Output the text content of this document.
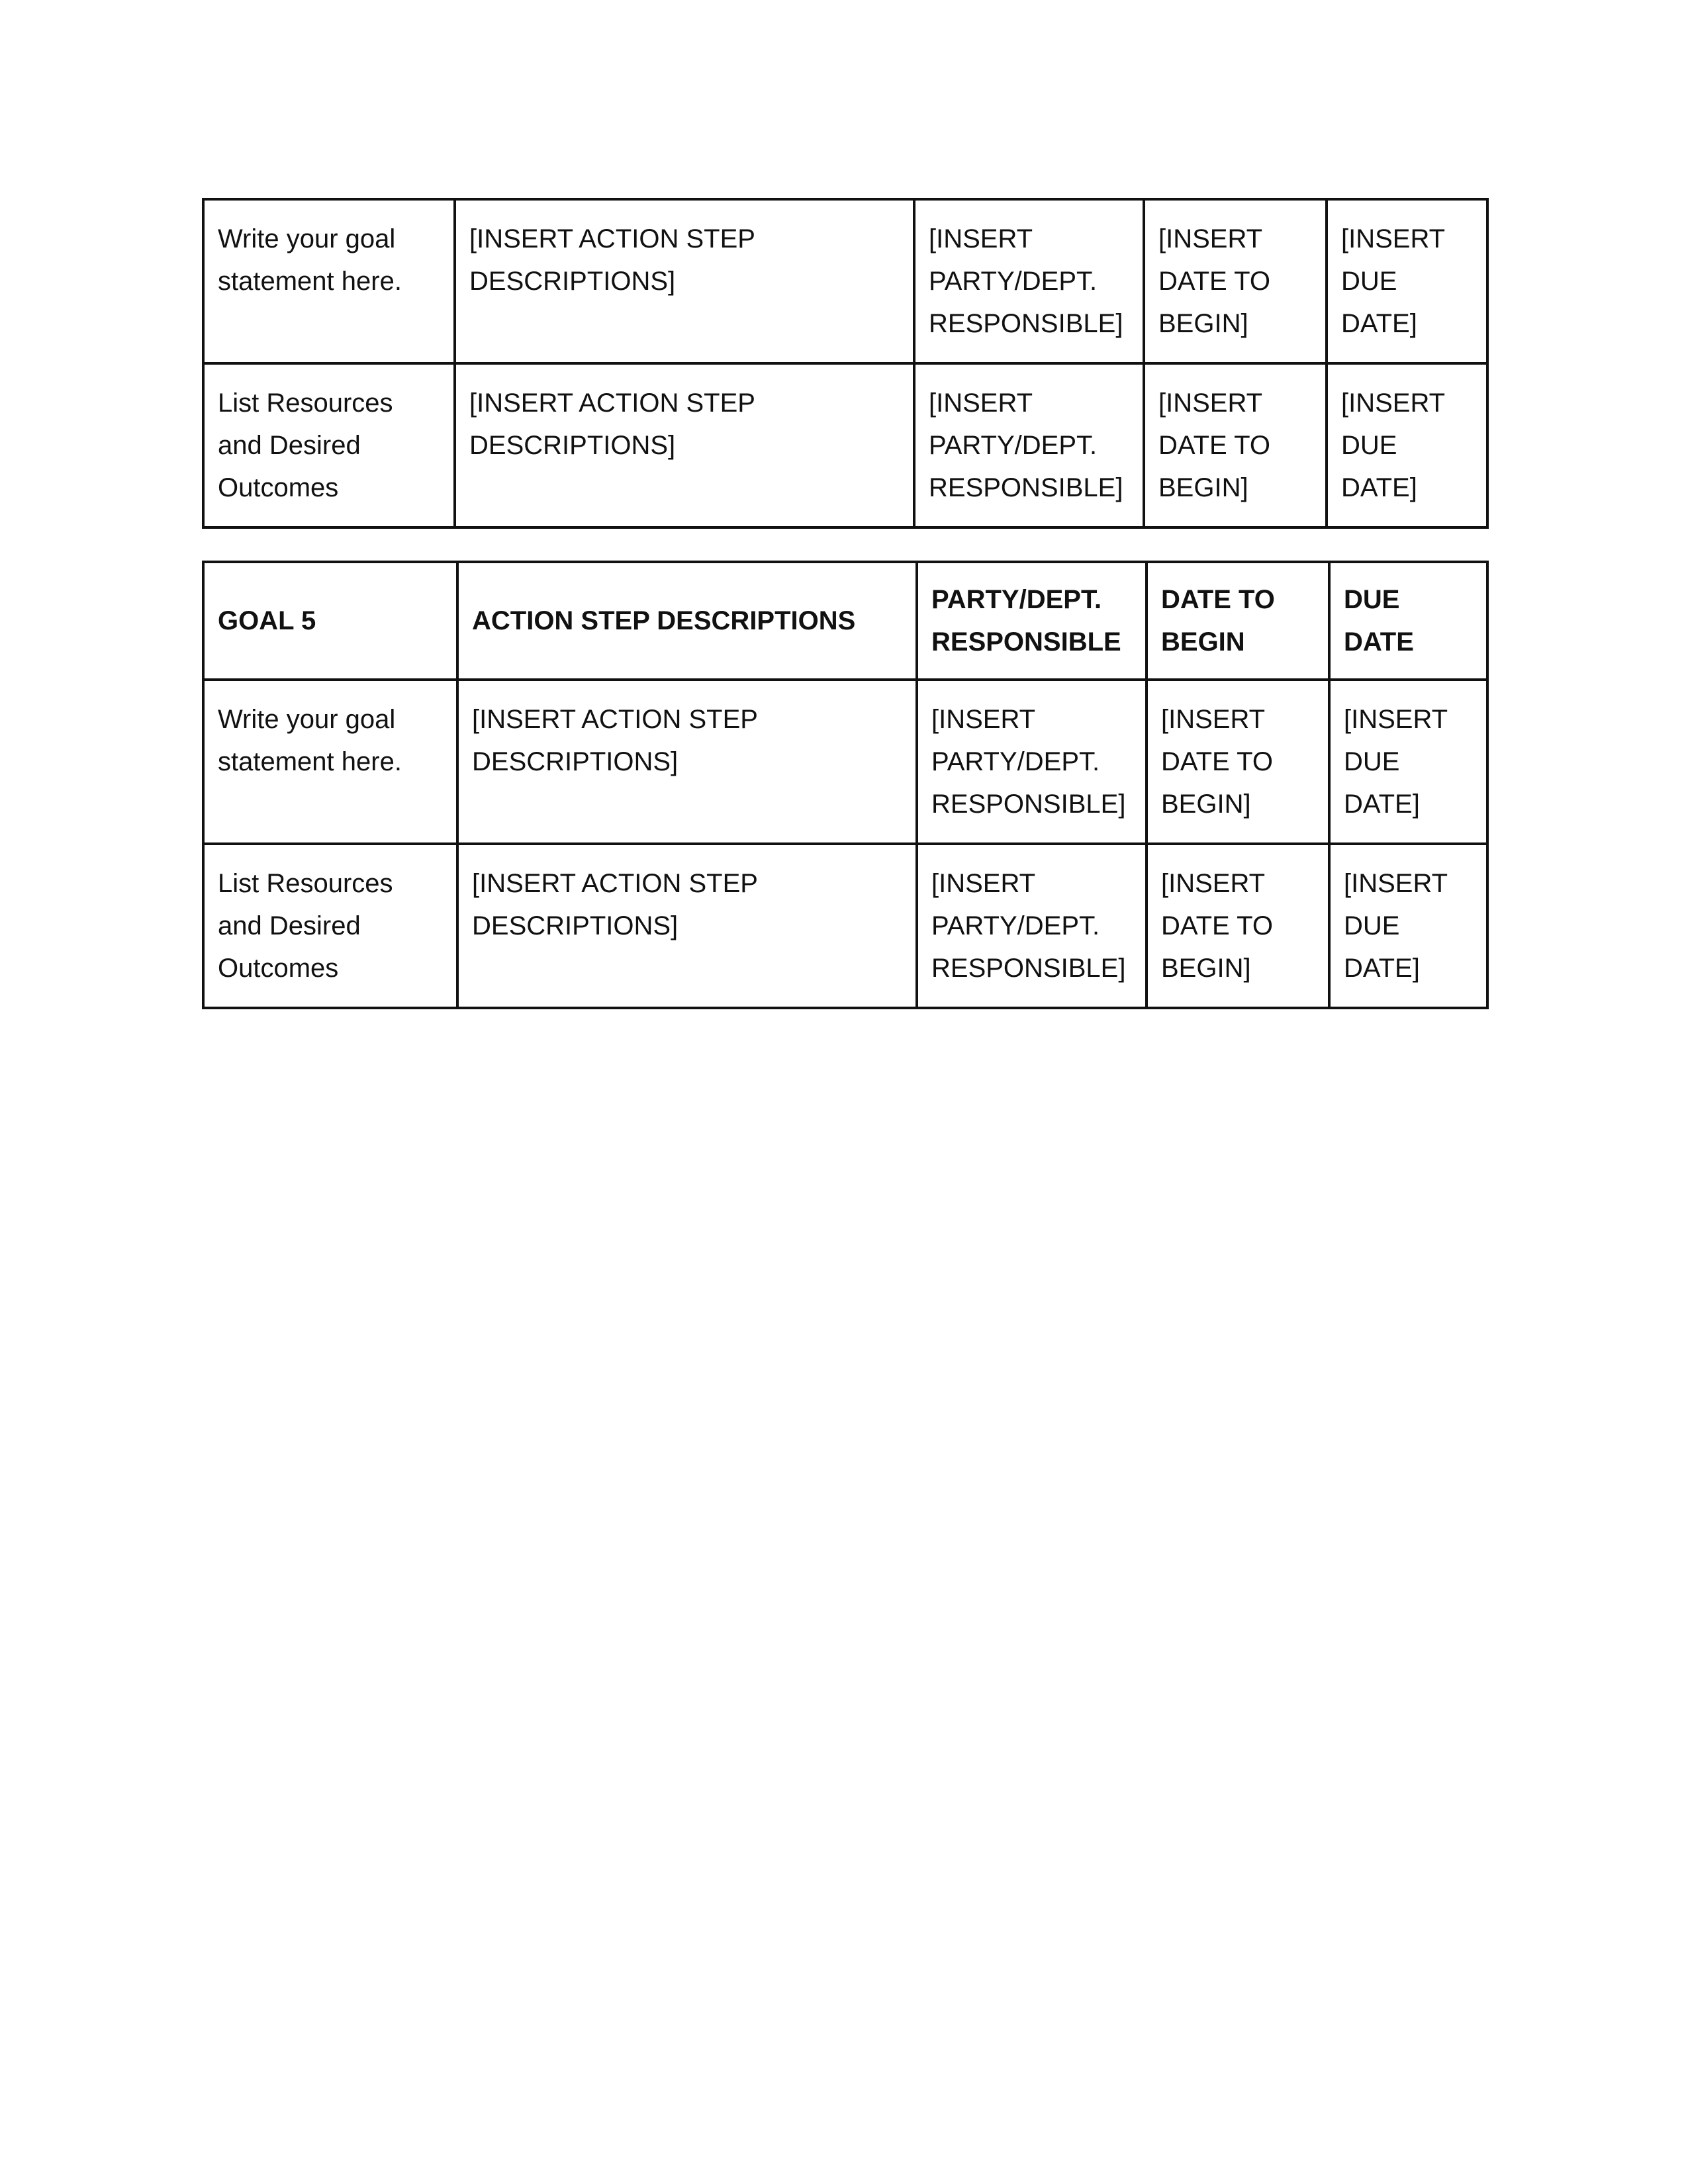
Write your goal
statement here.	[INSERT ACTION STEP
DESCRIPTIONS]	[INSERT
PARTY/DEPT.
RESPONSIBLE]	[INSERT
DATE TO
BEGIN]	[INSERT
DUE
DATE]

List Resources
and Desired
Outcomes	[INSERT ACTION STEP
DESCRIPTIONS]	[INSERT
PARTY/DEPT.
RESPONSIBLE]	[INSERT
DATE TO
BEGIN]	[INSERT
DUE
DATE]
GOAL 5	ACTION STEP DESCRIPTIONS	PARTY/DEPT.
RESPONSIBLE	DATE TO
BEGIN	DUE
DATE

Write your goal
statement here.	[INSERT ACTION STEP
DESCRIPTIONS]	[INSERT
PARTY/DEPT.
RESPONSIBLE]	[INSERT
DATE TO
BEGIN]	[INSERT
DUE
DATE]

List Resources
and Desired
Outcomes	[INSERT ACTION STEP
DESCRIPTIONS]	[INSERT
PARTY/DEPT.
RESPONSIBLE]	[INSERT
DATE TO
BEGIN]	[INSERT
DUE
DATE]
